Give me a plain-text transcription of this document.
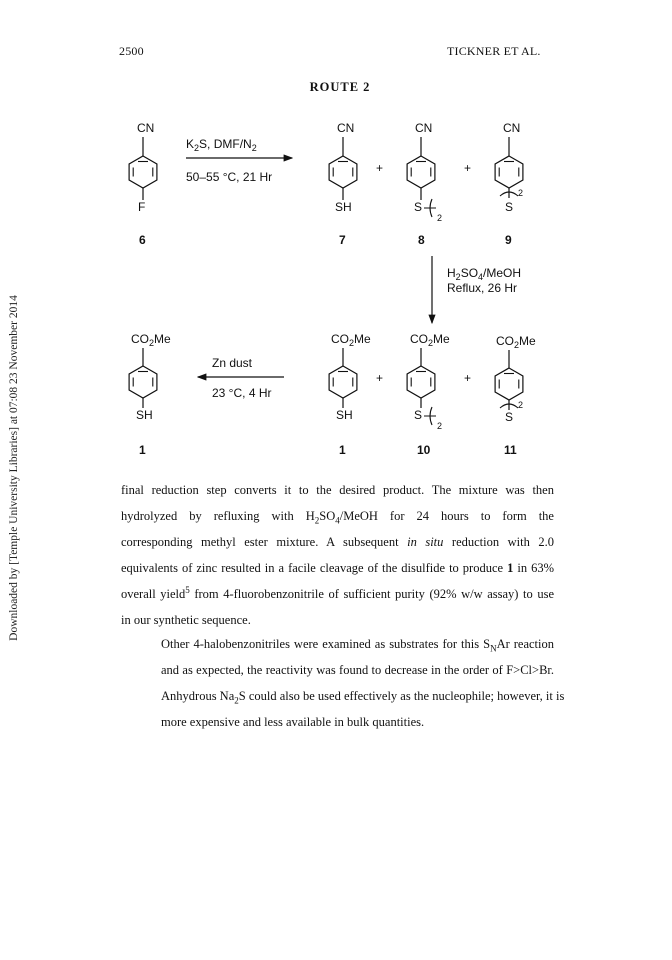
2500	TICKNER ET AL.
ROUTE 2
CN
F
6
$K_2S$, DMF/$N_2$
50–55 °C, 21 Hr
CN
SH
7
+
CN
S
2
8
+
CN
2
S
9
$H_2SO_4$/MeOH
Reflux, 26 Hr
$CO_2Me$
SH
1
Zn dust
23 °C, 4 Hr
$CO_2Me$
SH
1
+
$CO_2Me$
S
2
10
+
$CO_2Me$
2
S
11
Downloaded by [Temple University Libraries] at 07:08 23 November 2014	final reduction step converts it to the desired product. The mixture was then
hydrolyzed by refluxing with $H_2SO_4$/MeOH for 24 hours to form the
corresponding methyl ester mixture. A subsequent in situ reduction with 2.0
equivalents of zinc resulted in a facile cleavage of the disulfide to produce 1 in 63%
overall yield$^5$ from 4-fluorobenzonitrile of sufficient purity (92% w/w assay) to use
in our synthetic sequence.

Other 4-halobenzonitriles were examined as substrates for this $S_NAr$ reaction
and as expected, the reactivity was found to decrease in the order of F>Cl>Br.
Anhydrous $Na_2S$ could also be used effectively as the nucleophile; however, it is
more expensive and less available in bulk quantities.
